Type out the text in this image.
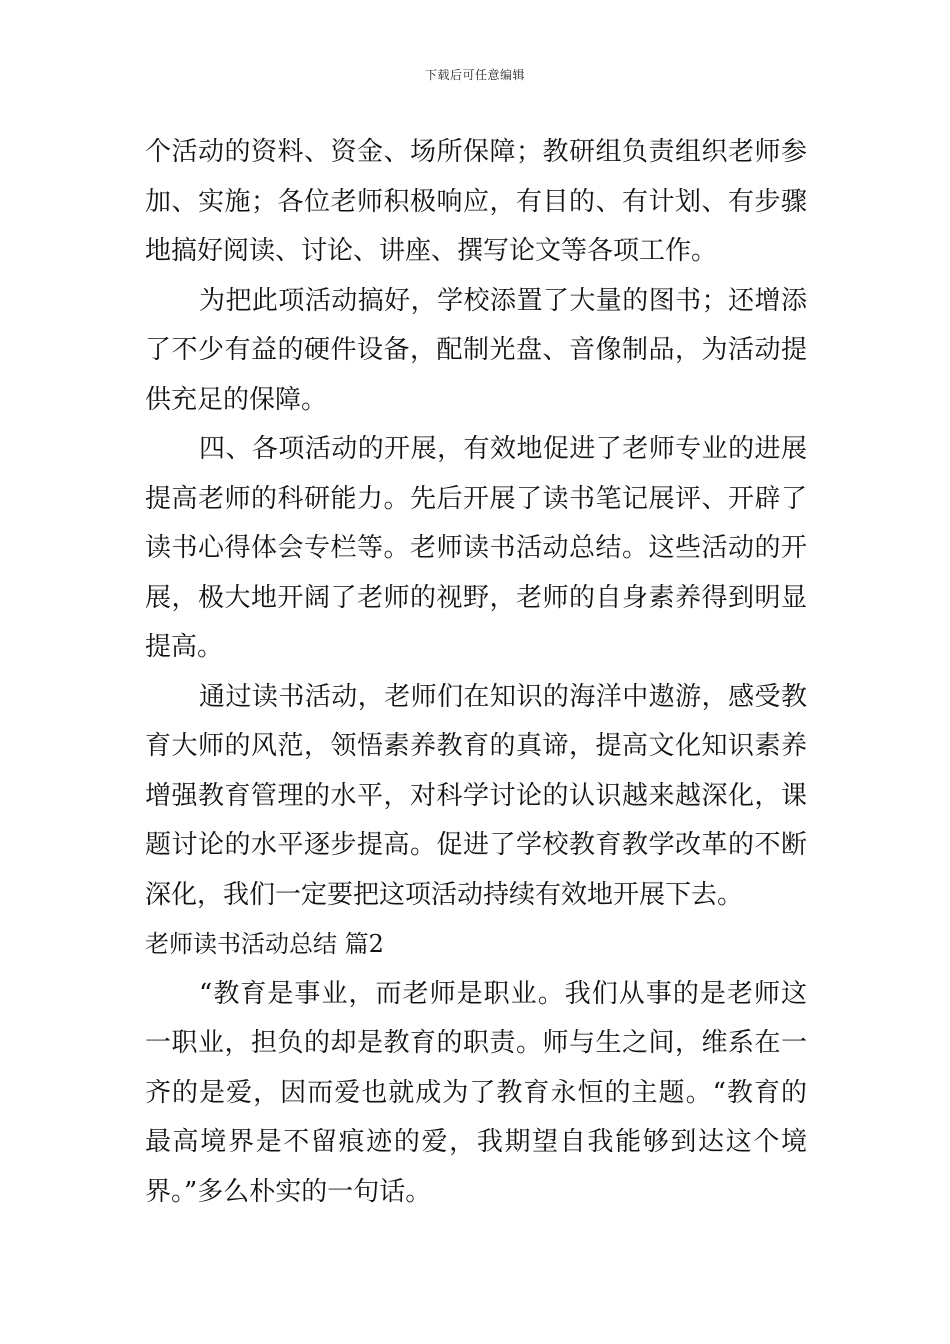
下载后可任意编辑
个活动的资料、资金、场所保障；教研组负责组织老师参
加、实施；各位老师积极响应，有目的、有计划、有步骤
地搞好阅读、讨论、讲座、撰写论文等各项工作。
为把此项活动搞好，学校添置了大量的图书；还增添
了不少有益的硬件设备，配制光盘、音像制品，为活动提
供充足的保障。
四、各项活动的开展，有效地促进了老师专业的进展
提高老师的科研能力。先后开展了读书笔记展评、开辟了
读书心得体会专栏等。老师读书活动总结。这些活动的开
展，极大地开阔了老师的视野，老师的自身素养得到明显
提高。
通过读书活动，老师们在知识的海洋中遨游，感受教
育大师的风范，领悟素养教育的真谛，提高文化知识素养
增强教育管理的水平，对科学讨论的认识越来越深化，课
题讨论的水平逐步提高。促进了学校教育教学改革的不断
深化，我们一定要把这项活动持续有效地开展下去。
老师读书活动总结 篇2
“教育是事业，而老师是职业。我们从事的是老师这
一职业，担负的却是教育的职责。师与生之间，维系在一
齐的是爱，因而爱也就成为了教育永恒的主题。“教育的
最高境界是不留痕迹的爱，我期望自我能够到达这个境
界。”多么朴实的一句话。
